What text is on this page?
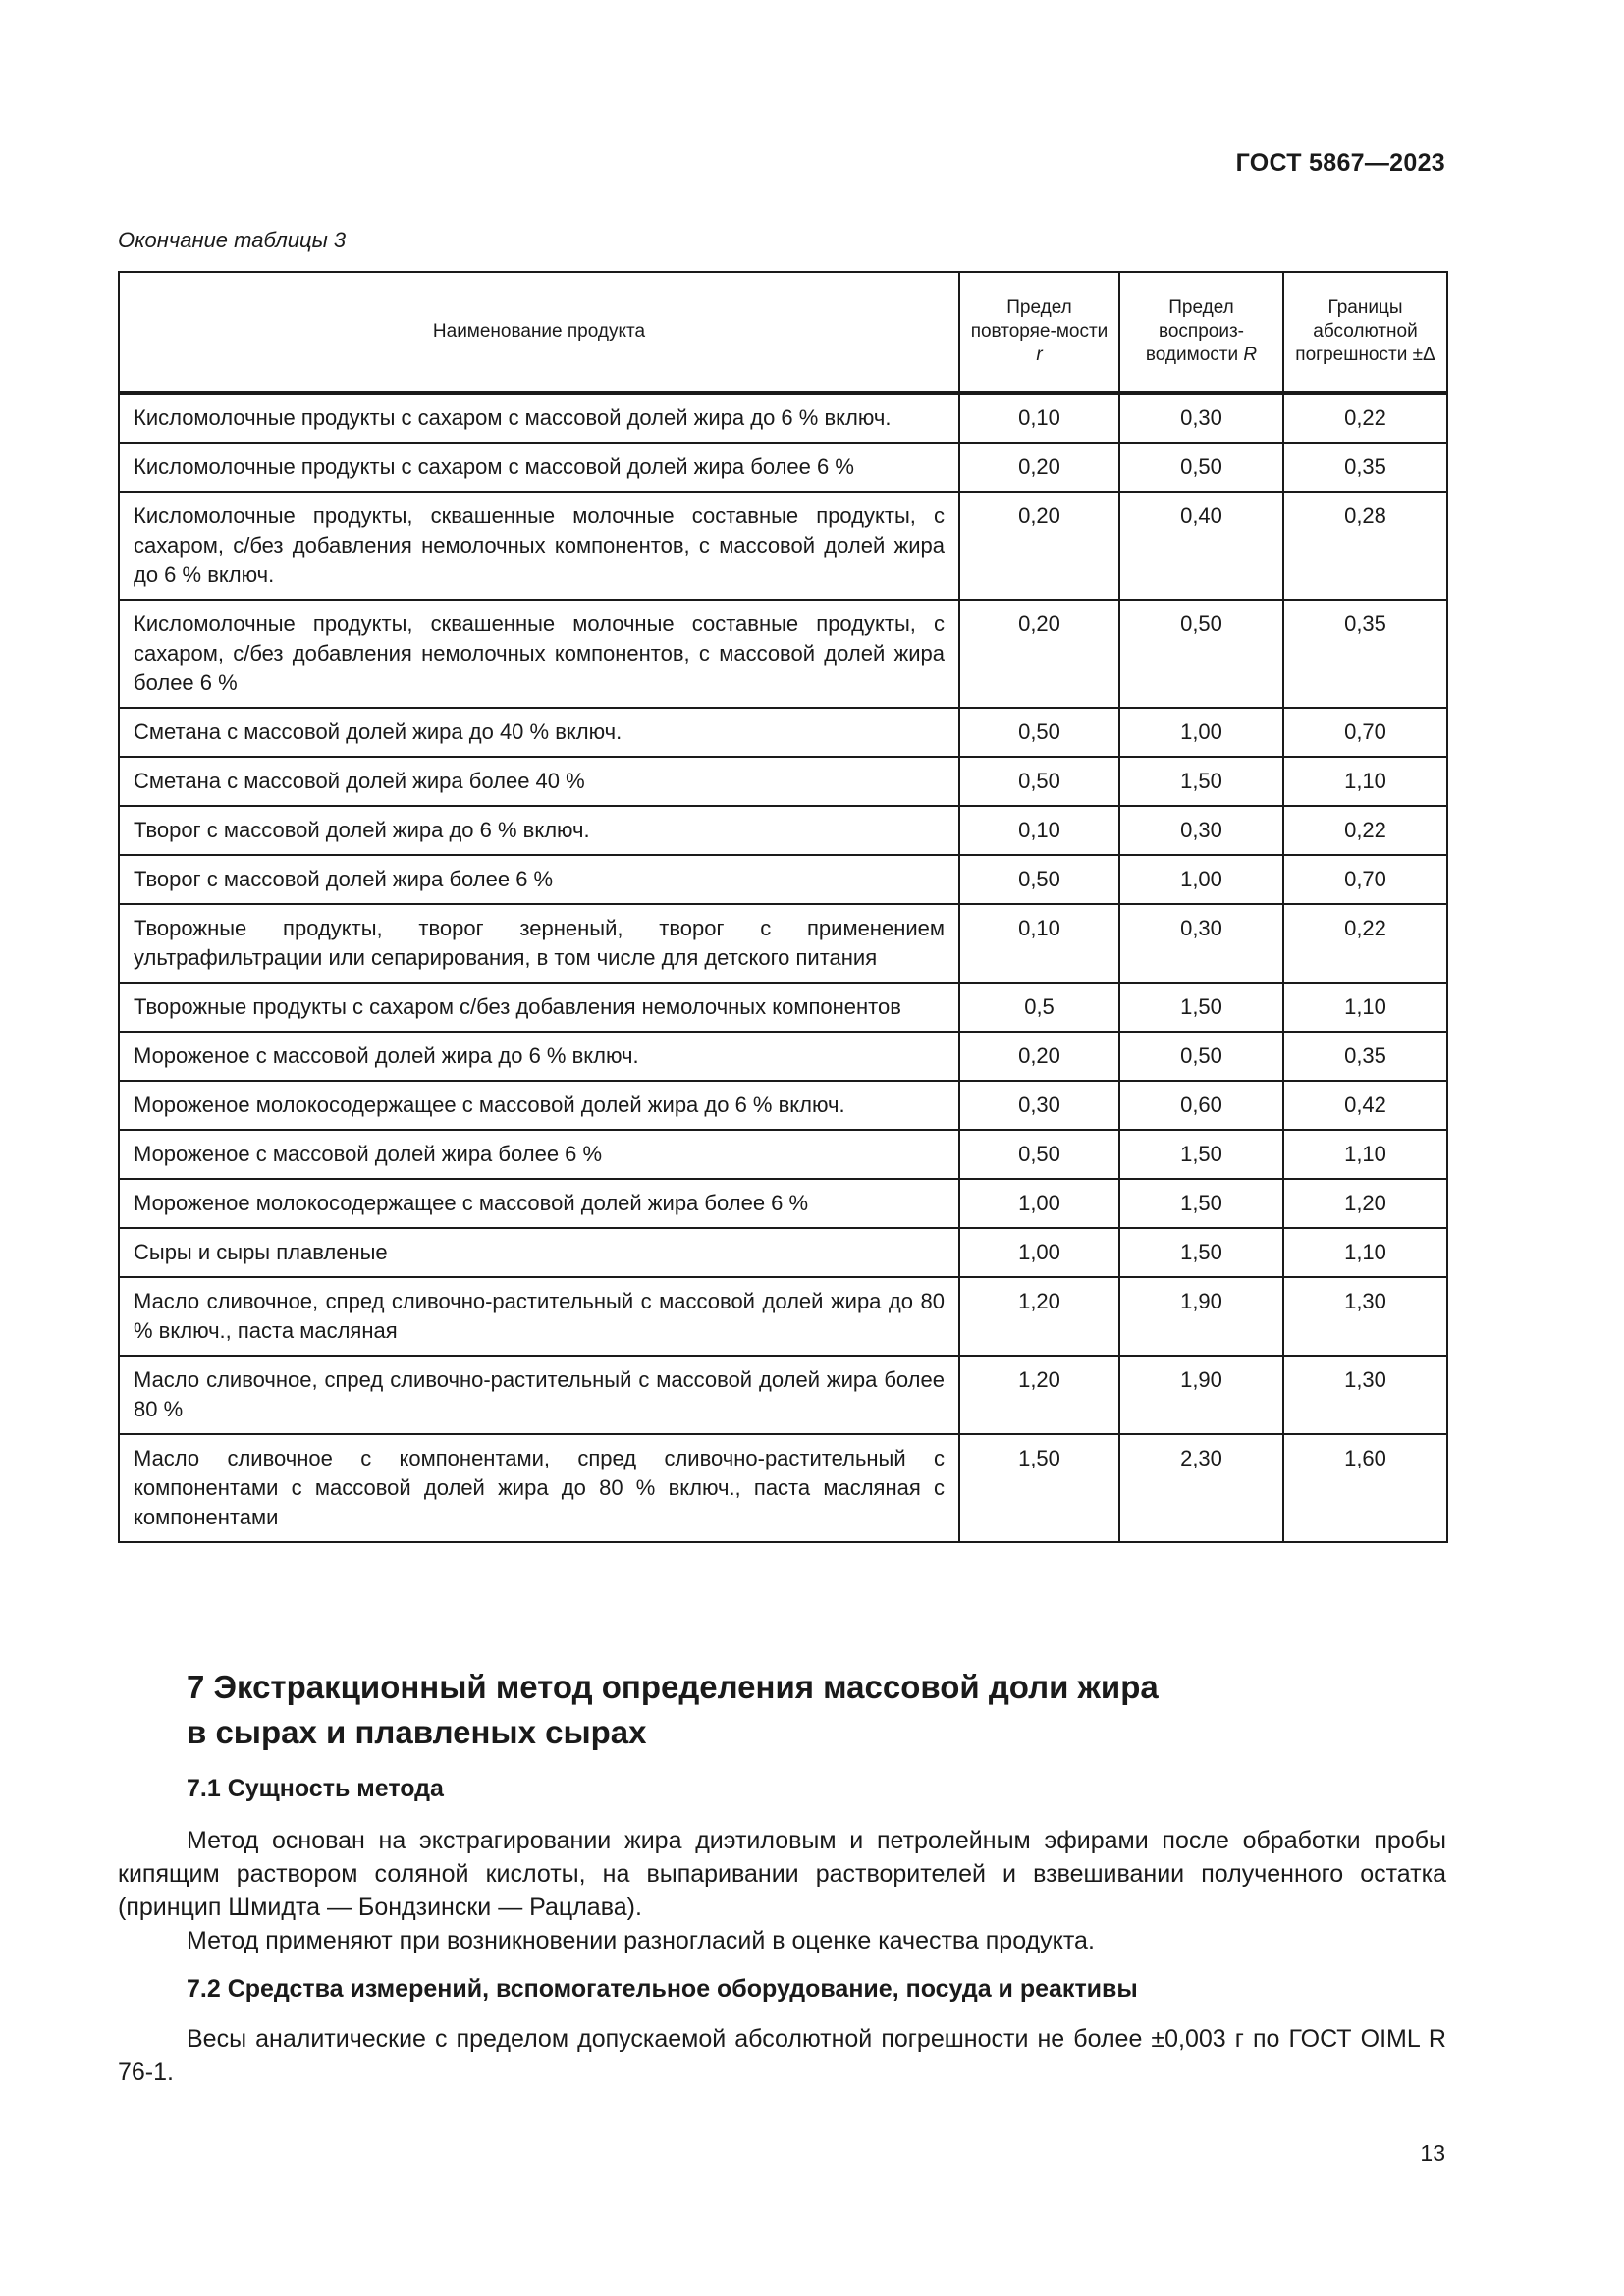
ГОСТ 5867—2023
Окончание таблицы 3
Наименование продукта	Предел повторяе-мости r	Предел воспроиз-водимости R	Границы абсолютной погрешности ±Δ
Кисломолочные продукты с сахаром с массовой долей жира до 6 % включ.	0,10	0,30	0,22
Кисломолочные продукты с сахаром с массовой долей жира более 6 %	0,20	0,50	0,35
Кисломолочные продукты, сквашенные молочные составные продукты, с сахаром, с/без добавления немолочных компонентов, с массовой долей жира до 6 % включ.	0,20	0,40	0,28
Кисломолочные продукты, сквашенные молочные составные продукты, с сахаром, с/без добавления немолочных компонентов, с массовой долей жира более 6 %	0,20	0,50	0,35
Сметана с массовой долей жира до 40 % включ.	0,50	1,00	0,70
Сметана с массовой долей жира более 40 %	0,50	1,50	1,10
Творог с массовой долей жира до 6 % включ.	0,10	0,30	0,22
Творог с массовой долей жира более 6 %	0,50	1,00	0,70
Творожные продукты, творог зерненый, творог с применением ультрафильтрации или сепарирования, в том числе для детского питания	0,10	0,30	0,22
Творожные продукты с сахаром с/без добавления немолочных компонентов	0,5	1,50	1,10
Мороженое с массовой долей жира до 6 % включ.	0,20	0,50	0,35
Мороженое молокосодержащее с массовой долей жира до 6 % включ.	0,30	0,60	0,42
Мороженое с массовой долей жира более 6 %	0,50	1,50	1,10
Мороженое молокосодержащее с массовой долей жира более 6 %	1,00	1,50	1,20
Сыры и сыры плавленые	1,00	1,50	1,10
Масло сливочное, спред сливочно-растительный с массовой долей жира до 80 % включ., паста масляная	1,20	1,90	1,30
Масло сливочное, спред сливочно-растительный с массовой долей жира более 80 %	1,20	1,90	1,30
Масло сливочное с компонентами, спред сливочно-растительный с компонентами с массовой долей жира до 80 % включ., паста масляная с компонентами	1,50	2,30	1,60
7 Экстракционный метод определения массовой доли жира
в сырах и плавленых сырах
7.1 Сущность метода

Метод основан на экстрагировании жира диэтиловым и петролейным эфирами после обработки пробы кипящим раствором соляной кислоты, на выпаривании растворителей и взвешивании полученного остатка (принцип Шмидта — Бондзински — Рацлава).

Метод применяют при возникновении разногласий в оценке качества продукта.

7.2 Средства измерений, вспомогательное оборудование, посуда и реактивы

Весы аналитические с пределом допускаемой абсолютной погрешности не более ±0,003 г по ГОСТ OIML R 76-1.

13
